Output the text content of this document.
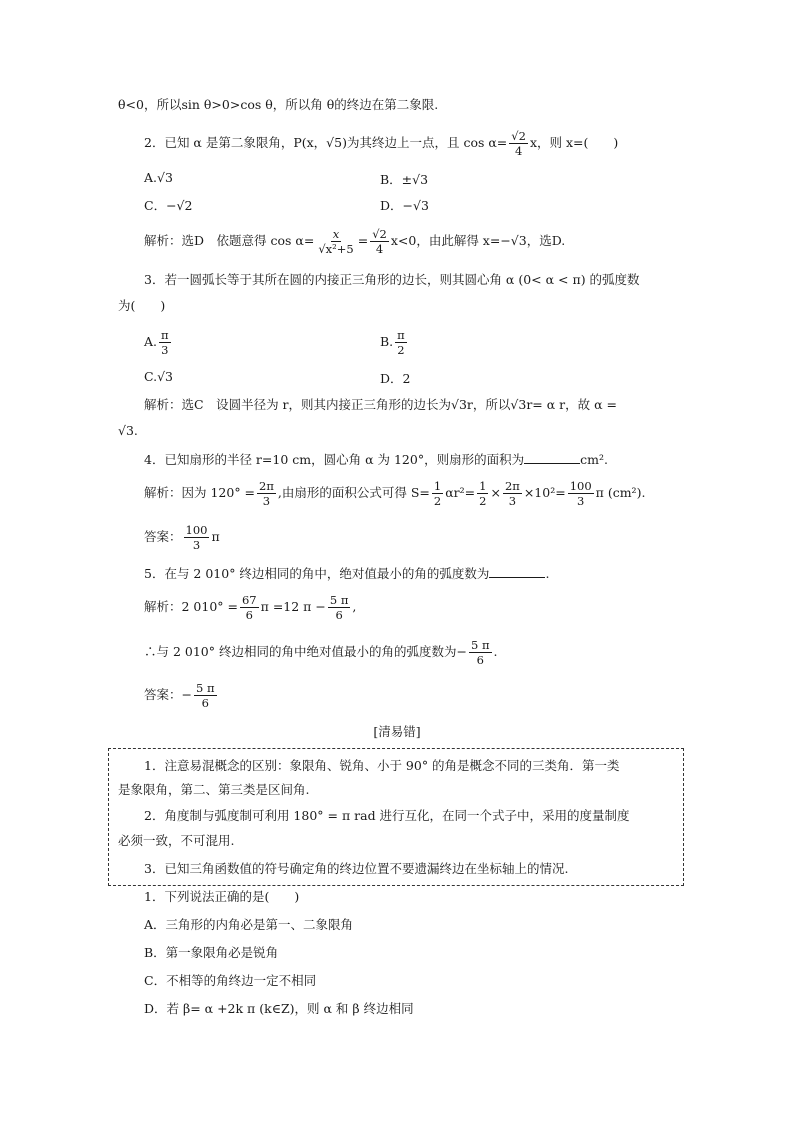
θ<0，所以sin θ>0>cos θ，所以角 θ的终边在第二象限.
2．已知 α 是第二象限角，P(x，√5)为其终边上一点，且 $\cos \alpha= \frac{√2}{4}$ x，则 x=(　　)
A.√3	B．±√3
C．−√2	D．−√3
解析：选D　依题意得 $\cos \alpha= \frac{x}{\text{√x²+5}} = \frac{√2}{4} x<0$，由此解得 x=−√3，选D.
3．若一圆弧长等于其所在圆的内接正三角形的边长，则其圆心角 α (0< α < π) 的弧度数
为(　　)
A. $\frac{\pi}{3}$	B. $\frac{\pi}{2}$
C.√3	D．2
解析：选C　设圆半径为 r，则其内接正三角形的边长为√3r，所以√3r= α r，故 α =
√3.
4．已知扇形的半径 r=10 cm，圆心角 α 为 120°，则扇形的面积为	cm².
解析：因为 $120^\circ = \frac{2\pi}{3}$ ,由扇形的面积公式可得 $S= \frac{1}{2} \alpha r^2= \frac{1}{2} \times \frac{2\pi}{3} \times 10^2= \frac{100}{3}$ π (cm²).
答案： $\frac{100}{3}$ π
5．在与 2 010° 终边相同的角中，绝对值最小的角的弧度数为	.
解析：2 $010^\circ = \frac{67}{6}$ π =12 $\pi - \frac{5 \pi}{6}$ ,
∴与 2 010° 终边相同的角中绝对值最小的角的弧度数为− $\frac{5 \pi}{6}$ .
答案：− $\frac{5 \pi}{6}$
[清易错]
1．注意易混概念的区别：象限角、锐角、小于 90° 的角是概念不同的三类角．第一类
是象限角，第二、第三类是区间角.
2．角度制与弧度制可利用 180° = π rad 进行互化，在同一个式子中，采用的度量制度
必须一致，不可混用.
3．已知三角函数值的符号确定角的终边位置不要遗漏终边在坐标轴上的情况.
1．下列说法正确的是(　　)
A．三角形的内角必是第一、二象限角
B．第一象限角必是锐角
C．不相等的角终边一定不相同
D．若 β= α +2k π (k∈Z)，则 α 和 β 终边相同
